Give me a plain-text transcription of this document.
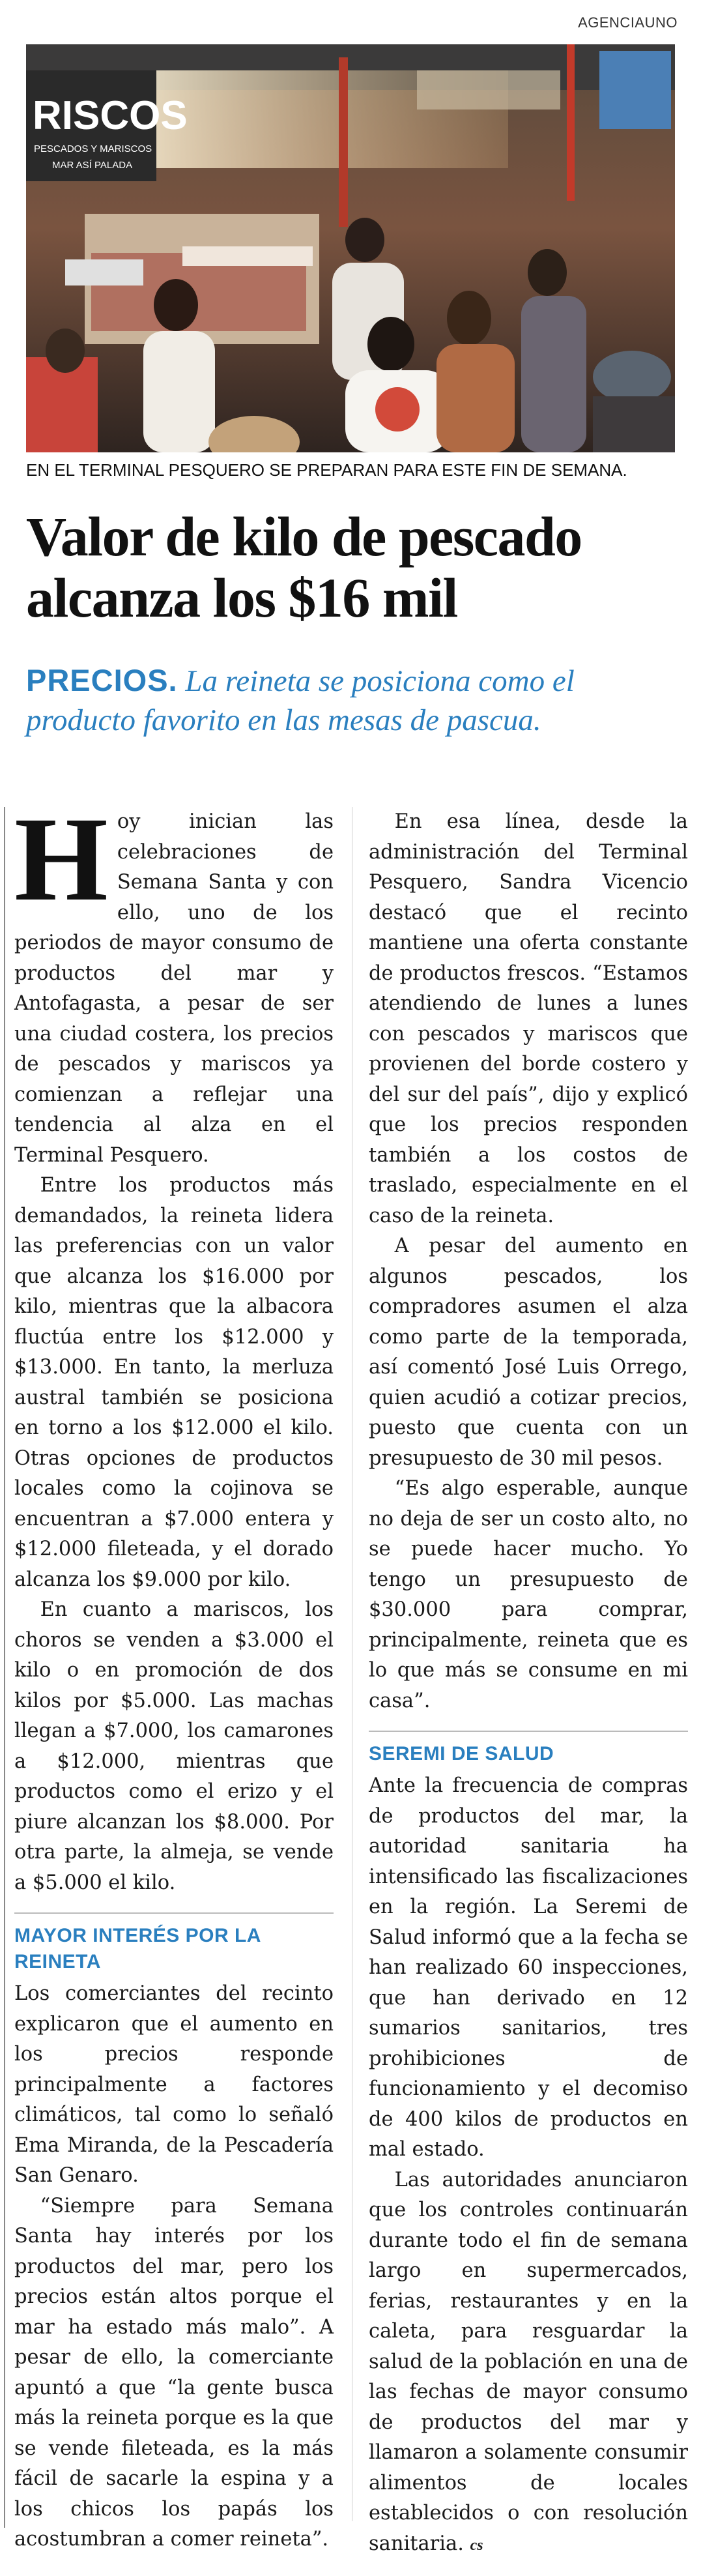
AGENCIAUNO
RISCOS
PESCADOS Y MARISCOS
MAR ASÍ PALADA
EN EL TERMINAL PESQUERO SE PREPARAN PARA ESTE FIN DE SEMANA.
Valor de kilo de pescado alcanza los $16 mil

PRECIOS. La reineta se posiciona como el producto favorito en las mesas de pascua.

Hoy inician las celebraciones de Semana Santa y con ello, uno de los periodos de mayor consumo de productos del mar y Antofagasta, a pesar de ser una ciudad costera, los precios de pescados y mariscos ya comienzan a reflejar una tendencia al alza en el Terminal Pesquero.

Entre los productos más demandados, la reineta lidera las preferencias con un valor que alcanza los $16.000 por kilo, mientras que la albacora fluctúa entre los $12.000 y $13.000. En tanto, la merluza austral también se posiciona en torno a los $12.000 el kilo. Otras opciones de productos locales como la cojinova se encuentran a $7.000 entera y $12.000 fileteada, y el dorado alcanza los $9.000 por kilo.

En cuanto a mariscos, los choros se venden a $3.000 el kilo o en promoción de dos kilos por $5.000. Las machas llegan a $7.000, los camarones a $12.000, mientras que productos como el erizo y el piure alcanzan los $8.000. Por otra parte, la almeja, se vende a $5.000 el kilo.

MAYOR INTERÉS POR LA REINETA

Los comerciantes del recinto explicaron que el aumento en los precios responde principalmente a factores climáticos, tal como lo señaló Ema Miranda, de la Pescadería San Genaro.

“Siempre para Semana Santa hay interés por los productos del mar, pero los precios están altos porque el mar ha estado más malo”. A pesar de ello, la comerciante apuntó a que “la gente busca más la reineta porque es la que se vende fileteada, es la más fácil de sacarle la espina y a los chicos los papás los acostumbran a comer reineta”.

En esa línea, desde la administración del Terminal Pesquero, Sandra Vicencio destacó que el recinto mantiene una oferta constante de productos frescos. “Estamos atendiendo de lunes a lunes con pescados y mariscos que provienen del borde costero y del sur del país”, dijo y explicó que los precios responden también a los costos de traslado, especialmente en el caso de la reineta.

A pesar del aumento en algunos pescados, los compradores asumen el alza como parte de la temporada, así comentó José Luis Orrego, quien acudió a cotizar precios, puesto que cuenta con un presupuesto de 30 mil pesos.

“Es algo esperable, aunque no deja de ser un costo alto, no se puede hacer mucho. Yo tengo un presupuesto de $30.000 para comprar, principalmente, reineta que es lo que más se consume en mi casa”.

SEREMI DE SALUD

Ante la frecuencia de compras de productos del mar, la autoridad sanitaria ha intensificado las fiscalizaciones en la región. La Seremi de Salud informó que a la fecha se han realizado 60 inspecciones, que han derivado en 12 sumarios sanitarios, tres prohibiciones de funcionamiento y el decomiso de 400 kilos de productos en mal estado.

Las autoridades anunciaron que los controles continuarán durante todo el fin de semana largo en supermercados, ferias, restaurantes y en la caleta, para resguardar la salud de la población en una de las fechas de mayor consumo de productos del mar y llamaron a solamente consumir alimentos de locales establecidos o con resolución sanitaria. cs
